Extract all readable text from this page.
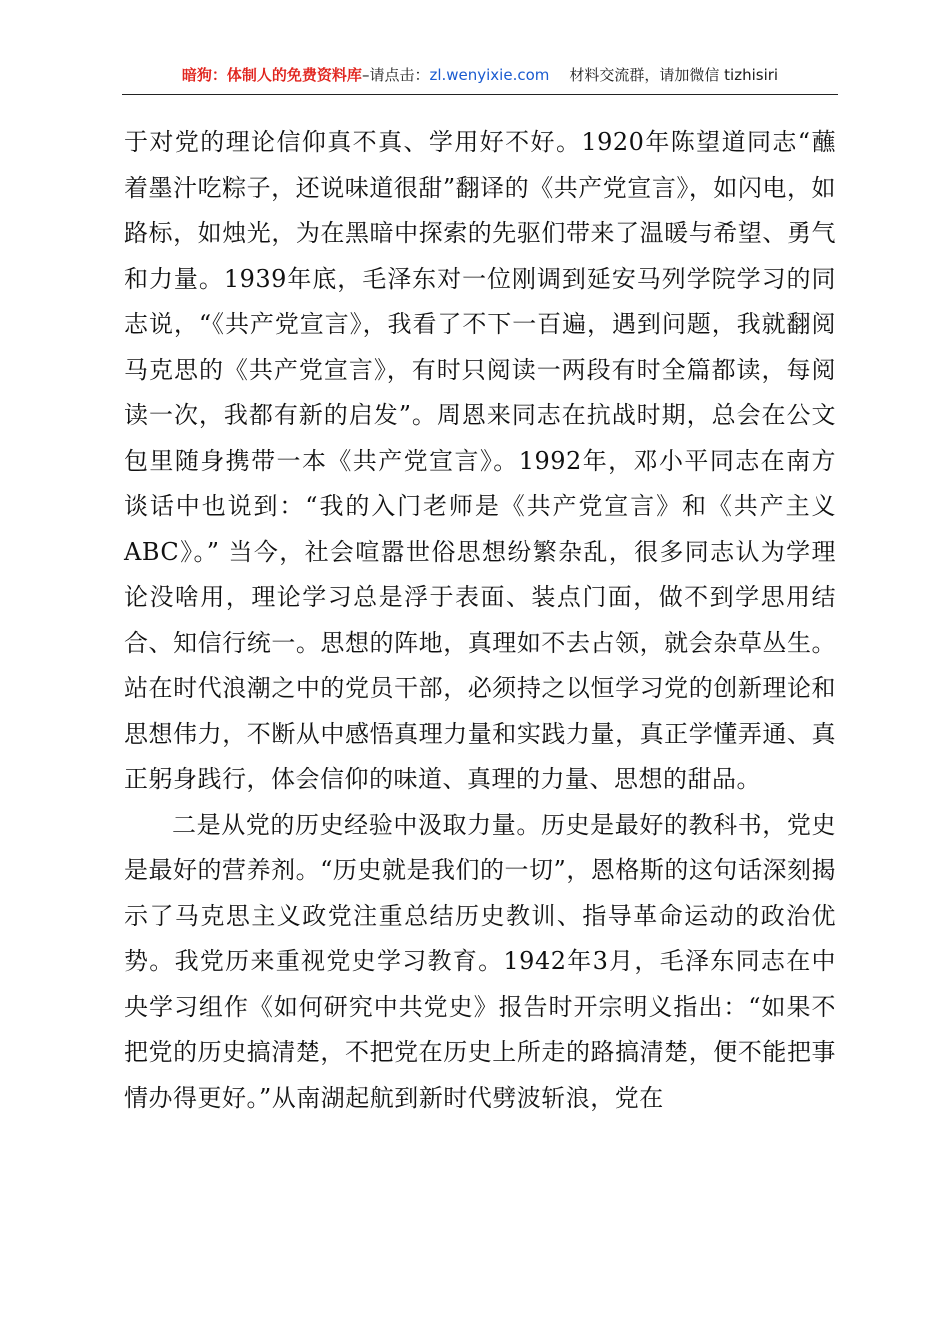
暗狗：体制人的免费资料库–请点击：zl.wenyixie.com 材料交流群，请加微信 tizhisiri

于对党的理论信仰真不真、学用好不好。1920年陈望道同志“蘸着墨汁吃粽子，还说味道很甜”翻译的《共产党宣言》，如闪电，如路标，如烛光，为在黑暗中探索的先驱们带来了温暖与希望、勇气和力量。1939年底，毛泽东对一位刚调到延安马列学院学习的同志说，“《共产党宣言》，我看了不下一百遍，遇到问题，我就翻阅马克思的《共产党宣言》，有时只阅读一两段有时全篇都读，每阅读一次，我都有新的启发”。周恩来同志在抗战时期，总会在公文包里随身携带一本《共产党宣言》。1992年，邓小平同志在南方谈话中也说到：“我的入门老师是《共产党宣言》和《共产主义ABC》。” 当今，社会喧嚣世俗思想纷繁杂乱，很多同志认为学理论没啥用，理论学习总是浮于表面、装点门面，做不到学思用结合、知信行统一。思想的阵地，真理如不去占领，就会杂草丛生。站在时代浪潮之中的党员干部，必须持之以恒学习党的创新理论和思想伟力，不断从中感悟真理力量和实践力量，真正学懂弄通、真正躬身践行，体会信仰的味道、真理的力量、思想的甜品。

二是从党的历史经验中汲取力量。历史是最好的教科书，党史是最好的营养剂。“历史就是我们的一切”，恩格斯的这句话深刻揭示了马克思主义政党注重总结历史教训、指导革命运动的政治优势。我党历来重视党史学习教育。1942年3月，毛泽东同志在中央学习组作《如何研究中共党史》报告时开宗明义指出：“如果不把党的历史搞清楚，不把党在历史上所走的路搞清楚，便不能把事情办得更好。”从南湖起航到新时代劈波斩浪，党在
